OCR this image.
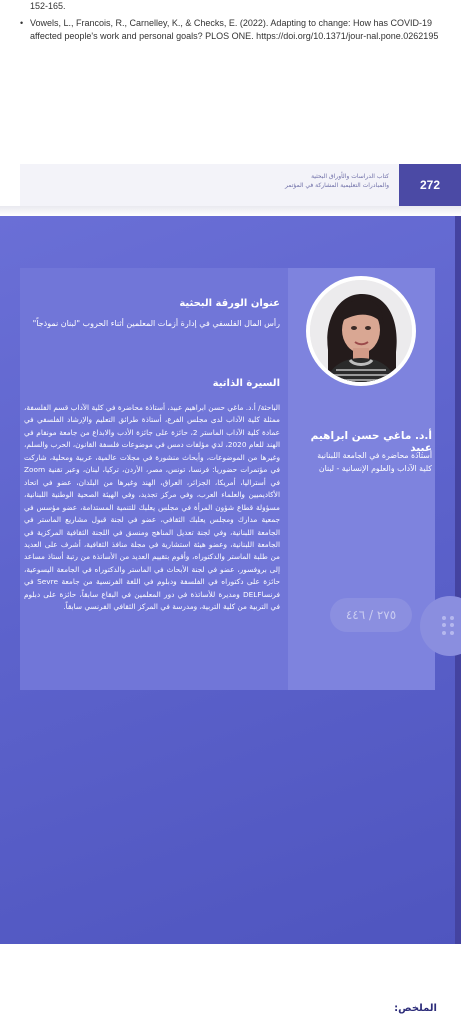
152-165.
• Vowels, L., Francois, R., Carnelley, K., & Checks, E. (2022). Adapting to change: How has COVID-19 affected people's work and personal goals? PLOS ONE. https://doi.org/10.1371/jour-nal.pone.0262195
كتاب الدراسات والأوراق البحثية
والمبادرات التعليمية المشاركة في المؤتمر	272
أ.د. ماغي حسن ابراهيم عبيد
أستاذة محاضرة في الجامعة اللبنانية
كلية الآداب والعلوم الإنسانية - لبنان
٢٧٥ / ٤٤٦
عنوان الورقة البحثية
رأس المال الفلسفي في إدارة أزمات المعلمين أثناء الحروب "لبنان نموذجاً"
السيرة الذاتية
الباحثة/ أ.د. ماغي حسن ابراهيم عبيد، أستاذة محاضرة في كلية الآداب قسم الفلسفة، ممثلة كلية الآداب لدى مجلس الفرع، أستاذة طرائق التعليم والإرشاد الفلسفي في عمادة كلية الآداب الماستر 2، حائزة على جائزة الأدب والابداع من جامعة مونفام في الهند للعام 2020، لدي مؤلفات دمس في موضوعات فلسفة القانون، الحرب والسلم، وغيرها من الموضوعات، وأبحاث منشورة في مجلات عالمية، عربية ومحلية، شاركت في مؤتمرات حضوريا: فرنسا، تونس، مصر، الأردن، تركيا، لبنان، وعبر تقنية Zoom في أستراليا، أمريكا، الجزائر، العراق، الهند وغيرها من البلدان، عضو في اتحاد الأكاديميين والعلماء العرب، وفي مركز تجديد، وفي الهيئة الصحية الوطنية اللبنانية، مسؤولة قطاع شؤون المرأة في مجلس يعلبك للتنمية المستدامة، عضو مؤسس في جمعية مدارك ومجلس يعلبك الثقافي، عضو في لجنة قبول مشاريع الماستر في الجامعة اللبنانية، وفي لجنة تعديل المناهج ومنسق في اللجنة الثقافية المركزية في الجامعة اللبنانية، وعضو هيئة استشارية في مجلة منافذ الثقافية، أشرف على العديد من طلبة الماستر والدكتوراه، وأقوم بتقييم العديد من الأساتذة من رتبة أستاذ مساعد إلى بروفسور، عضو في لجنة الأبحاث في الماستر والدكتوراه في الجامعة اليسوعية، حائزة على دكتوراه في الفلسفة ودبلوم في اللغة الفرنسية من جامعة Sevre في فرنساDELF ومديرة للأساتذة في دور المعلمين في البقاع سابقاً، حائزة على دبلوم في التربية من كلية التربية، ومدرسة في المركز الثقافي الفرنسي سابقاً.
الملخص:
